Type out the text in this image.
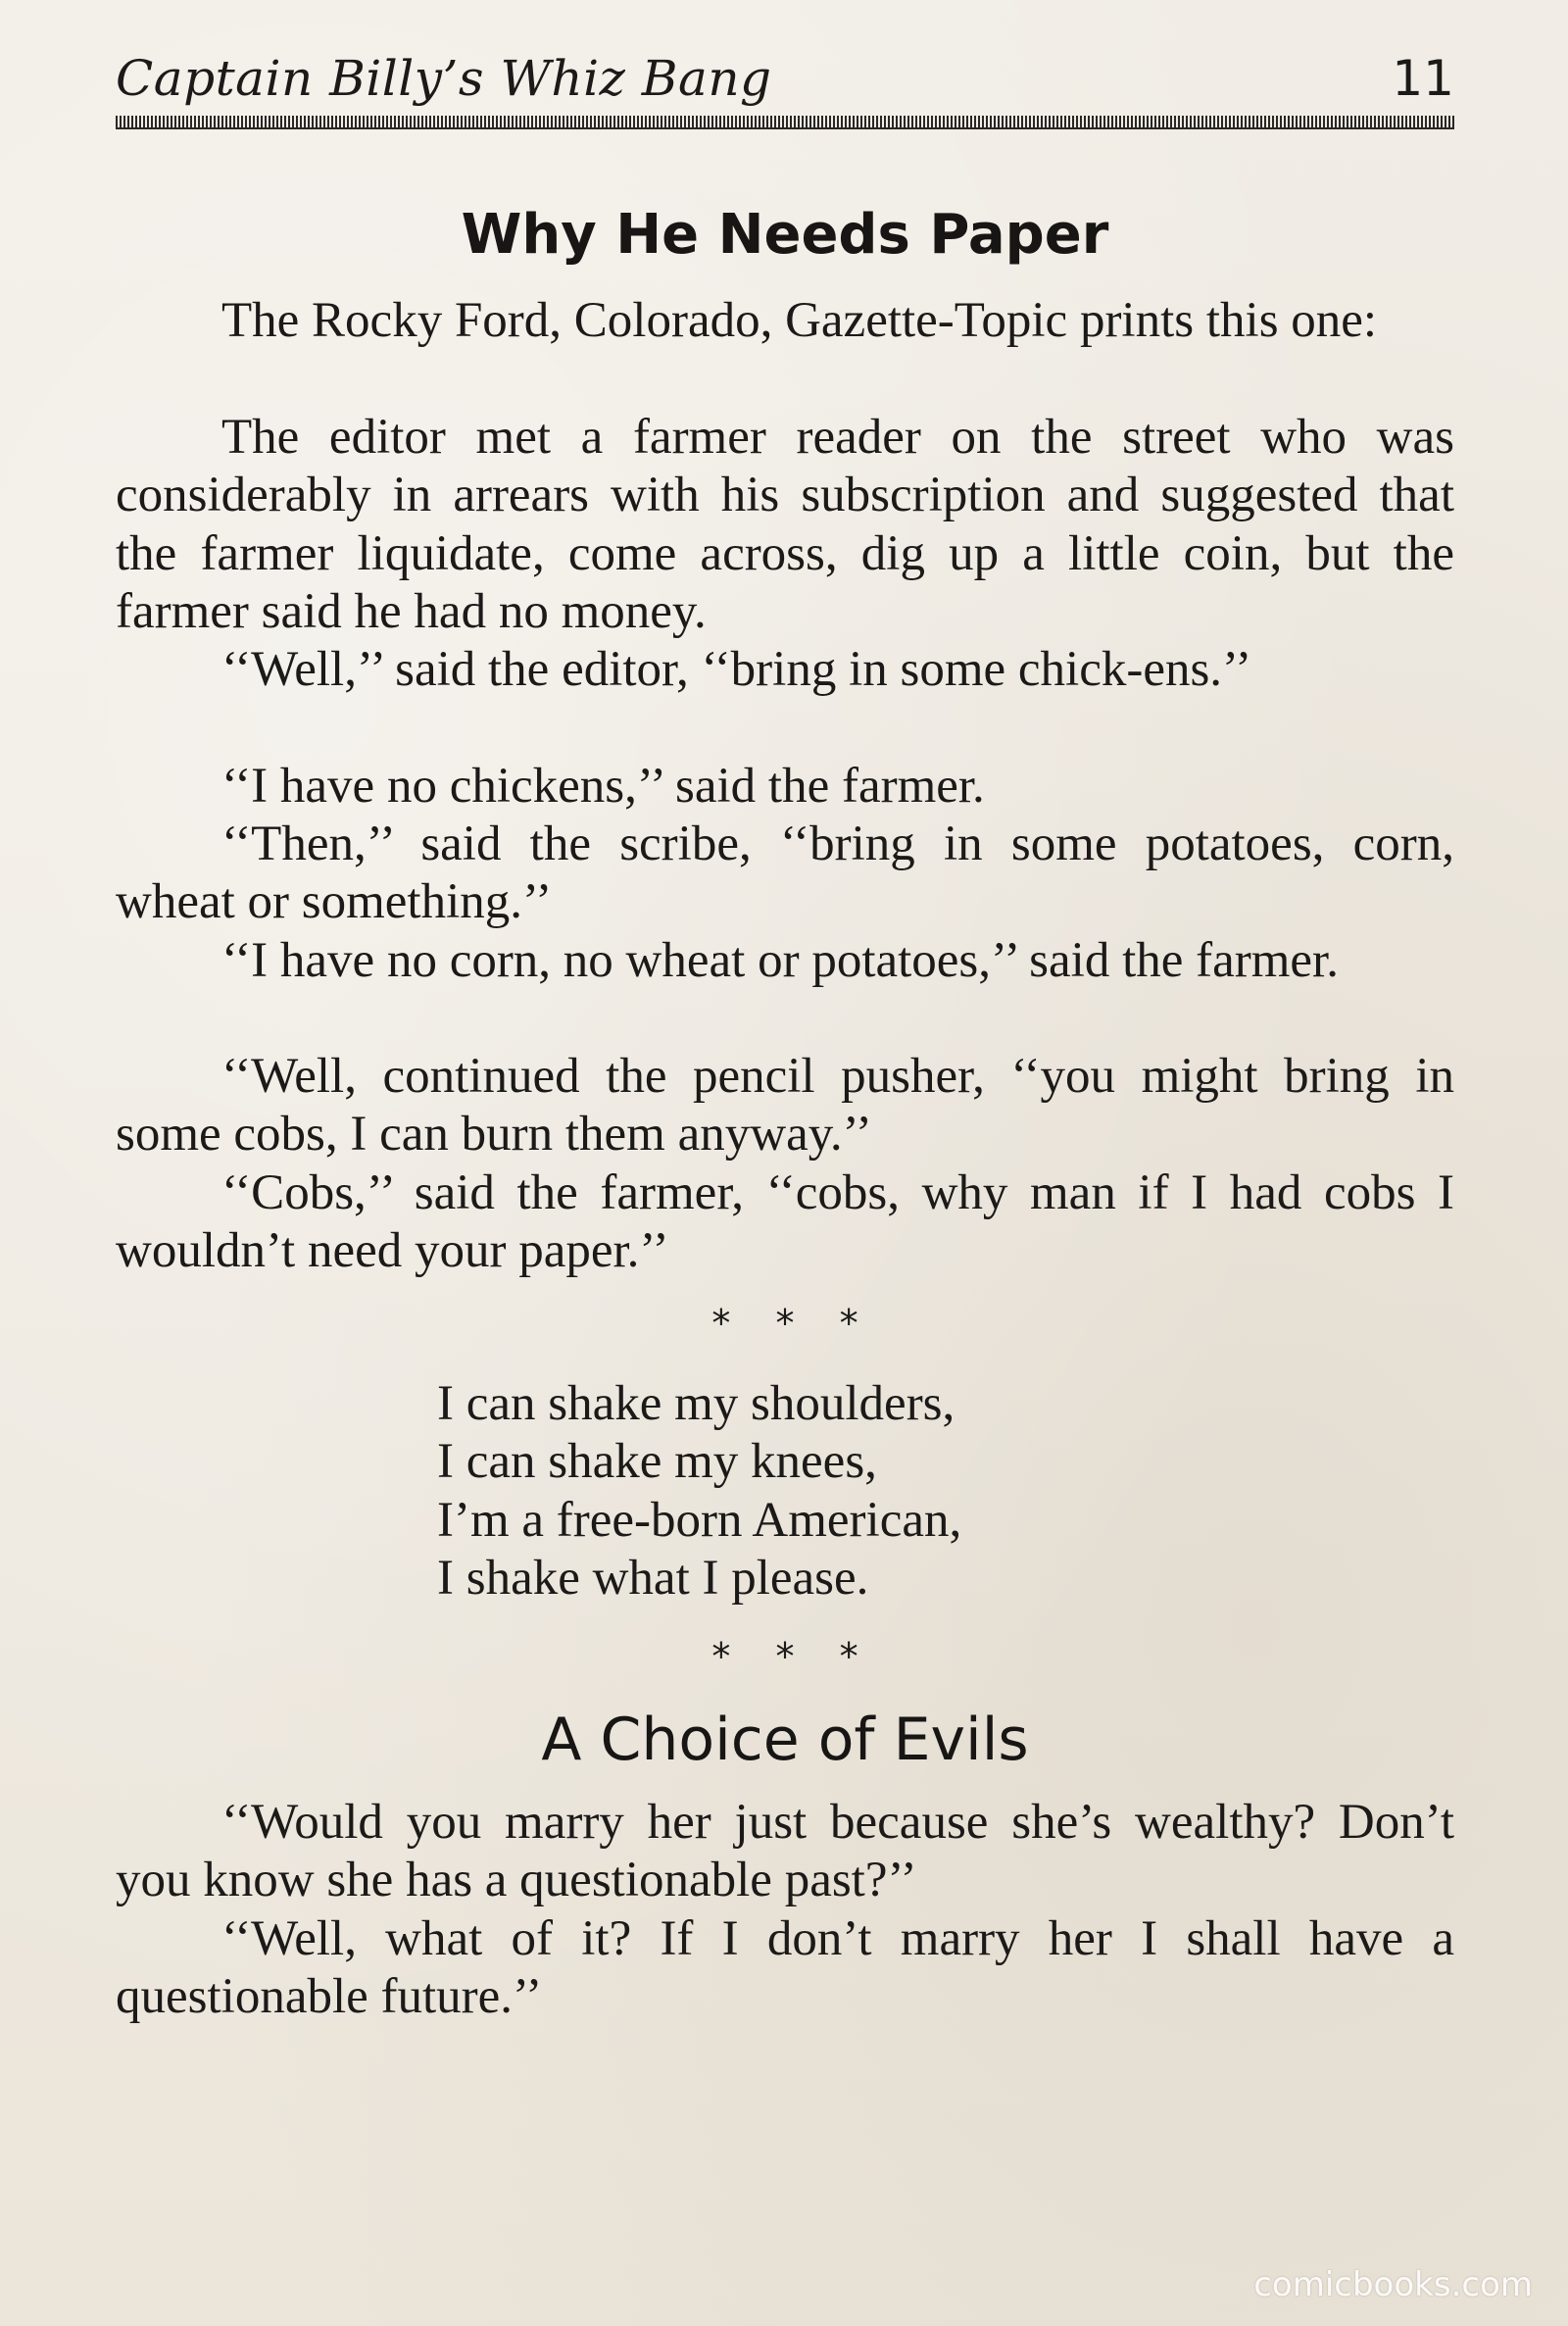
Captain Billy’s Whiz Bang	11
Why He Needs Paper

The Rocky Ford, Colorado, Gazette-Topic prints this one:

The editor met a farmer reader on the street who was considerably in arrears with his subscription and suggested that the farmer liquidate, come across, dig up a little coin, but the farmer said he had no money.

‘‘Well,’’ said the editor, ‘‘bring in some chick-ens.’’

‘‘I have no chickens,’’ said the farmer.

‘‘Then,’’ said the scribe, ‘‘bring in some potatoes, corn, wheat or something.’’

‘‘I have no corn, no wheat or potatoes,’’ said the farmer.

‘‘Well, continued the pencil pusher, ‘‘you might bring in some cobs, I can burn them anyway.’’

‘‘Cobs,’’ said the farmer, ‘‘cobs, why man if I had cobs I wouldn’t need your paper.’’

* * *
I can shake my shoulders,
I can shake my knees,
I’m a free-born American,
I shake what I please.
* * *
A Choice of Evils

‘‘Would you marry her just because she’s wealthy? Don’t you know she has a questionable past?’’

‘‘Well, what of it? If I don’t marry her I shall have a questionable future.’’

comicbooks.com
